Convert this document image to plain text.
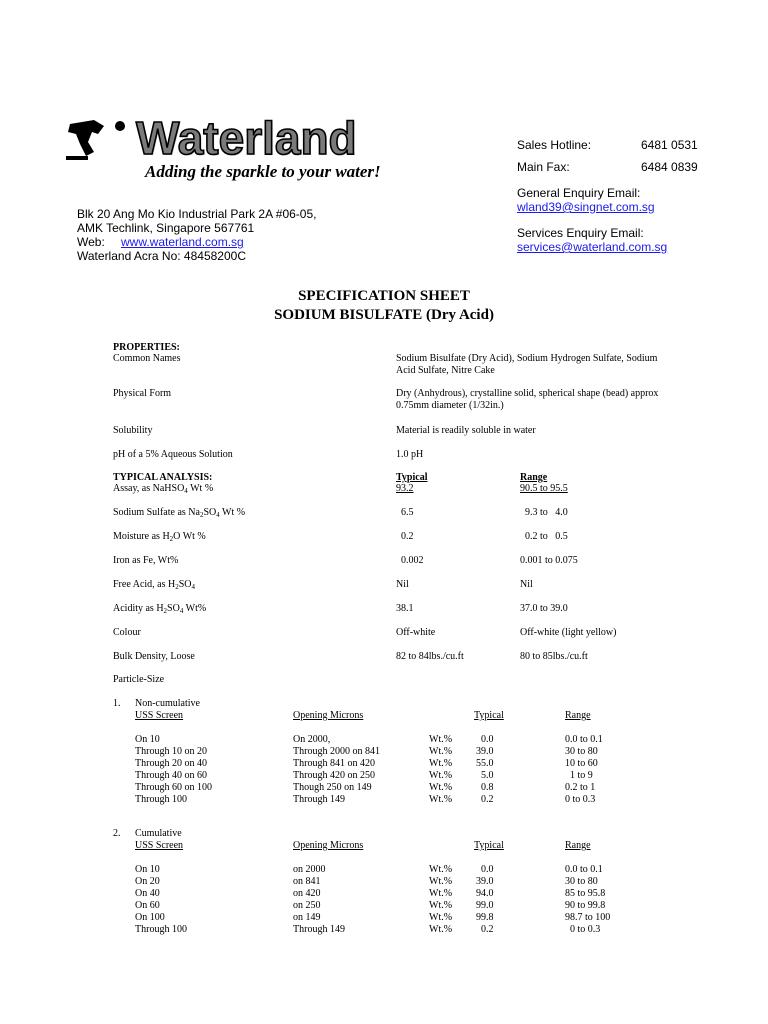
Waterland
Adding the sparkle to your water!
Sales Hotline:	6481 0531
Main Fax:	6484 0839
General Enquiry Email:
wland39@singnet.com.sg
Services Enquiry Email:
services@waterland.com.sg
Blk 20 Ang Mo Kio Industrial Park 2A #06-05,
AMK Techlink, Singapore 567761
Web: www.waterland.com.sg
Waterland Acra No: 48458200C
SPECIFICATION SHEET
SODIUM BISULFATE (Dry Acid)
PROPERTIES:
Common Names	Sodium Bisulfate (Dry Acid), Sodium Hydrogen Sulfate, Sodium
Acid Sulfate, Nitre Cake
Physical Form	Dry (Anhydrous), crystalline solid, spherical shape (bead) approx
0.75mm diameter (1/32in.)
Solubility	Material is readily soluble in water
pH of a 5% Aqueous Solution	1.0 pH
TYPICAL ANALYSIS:	Typical	Range
Assay, as NaHSO$_4$ Wt %	93.2	90.5 to 95.5
Sodium Sulfate as $Na_2SO_4$ Wt %	6.5	9.3 to   4.0
Moisture as $H_2O$ Wt %	0.2	0.2 to   0.5
Iron as Fe, Wt%	0.002	0.001 to 0.075
Free Acid, as $H_2SO_4$	Nil	Nil
Acidity as $H_2SO_4$ Wt%	38.1	37.0 to 39.0
Colour	Off-white	Off-white (light yellow)
Bulk Density, Loose	82 to 84lbs./cu.ft	80 to 85lbs./cu.ft
Particle-Size
1. Non-cumulative
USS Screen	Opening Microns	Typical	Range
On 10	On 2000,	Wt.% 0.0	0.0 to 0.1
Through 10 on 20	Through 2000 on 841	Wt.% 39.0	30 to 80
Through 20 on 40	Through 841 on 420	Wt.% 55.0	10 to 60
Through 40 on 60	Through 420 on 250	Wt.% 5.0	1 to 9
Through 60 on 100	Though 250 on 149	Wt.% 0.8	0.2 to 1
Through 100	Through 149	Wt.% 0.2	0 to 0.3
2. Cumulative
USS Screen	Opening Microns	Typical	Range
On 10	on 2000	Wt.% 0.0	0.0 to 0.1
On 20	on 841	Wt.% 39.0	30 to 80
On 40	on 420	Wt.% 94.0	85 to 95.8
On 60	on 250	Wt.% 99.0	90 to 99.8
On 100	on 149	Wt.% 99.8	98.7 to 100
Through 100	Through 149	Wt.% 0.2	0 to 0.3
